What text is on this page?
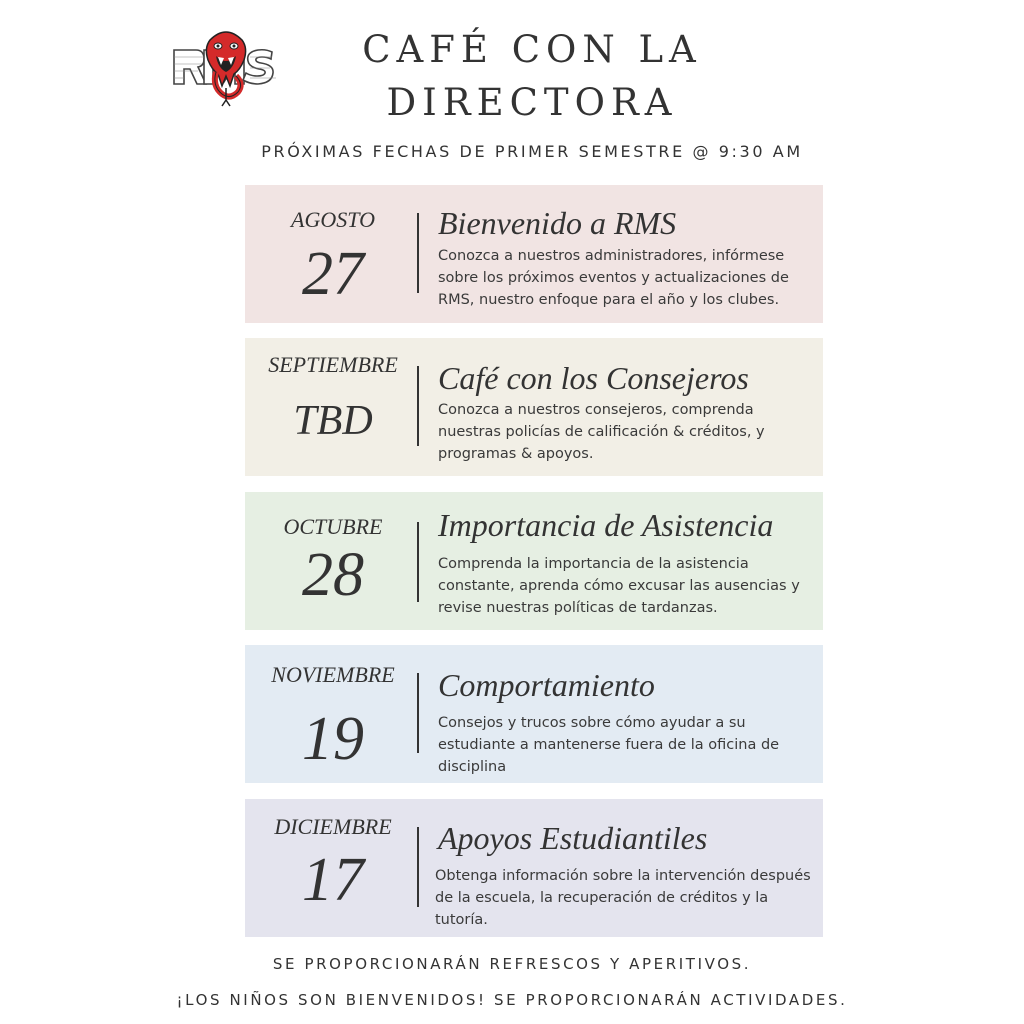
CAFÉ CON LA
DIRECTORA
PRÓXIMAS FECHAS DE PRIMER SEMESTRE @ 9:30 AM
AGOSTO
27
Bienvenido a RMS
Conozca a nuestros administradores, infórmese sobre los próximos eventos y actualizaciones de RMS, nuestro enfoque para el año y los clubes.
SEPTIEMBRE
TBD
Café con los Consejeros
Conozca a nuestros consejeros, comprenda nuestras policías de calificación & créditos, y programas & apoyos.
OCTUBRE
28
Importancia de Asistencia
Comprenda la importancia de la asistencia constante, aprenda cómo excusar las ausencias y revise nuestras políticas de tardanzas.
NOVIEMBRE
19
Comportamiento
Consejos y trucos sobre cómo ayudar a su estudiante a mantenerse fuera de la oficina de disciplina
DICIEMBRE
17
Apoyos Estudiantiles
Obtenga información sobre la intervención después de la escuela, la recuperación de créditos y la tutoría.
SE PROPORCIONARÁN REFRESCOS Y APERITIVOS.
¡LOS NIÑOS SON BIENVENIDOS! SE PROPORCIONARÁN ACTIVIDADES.
